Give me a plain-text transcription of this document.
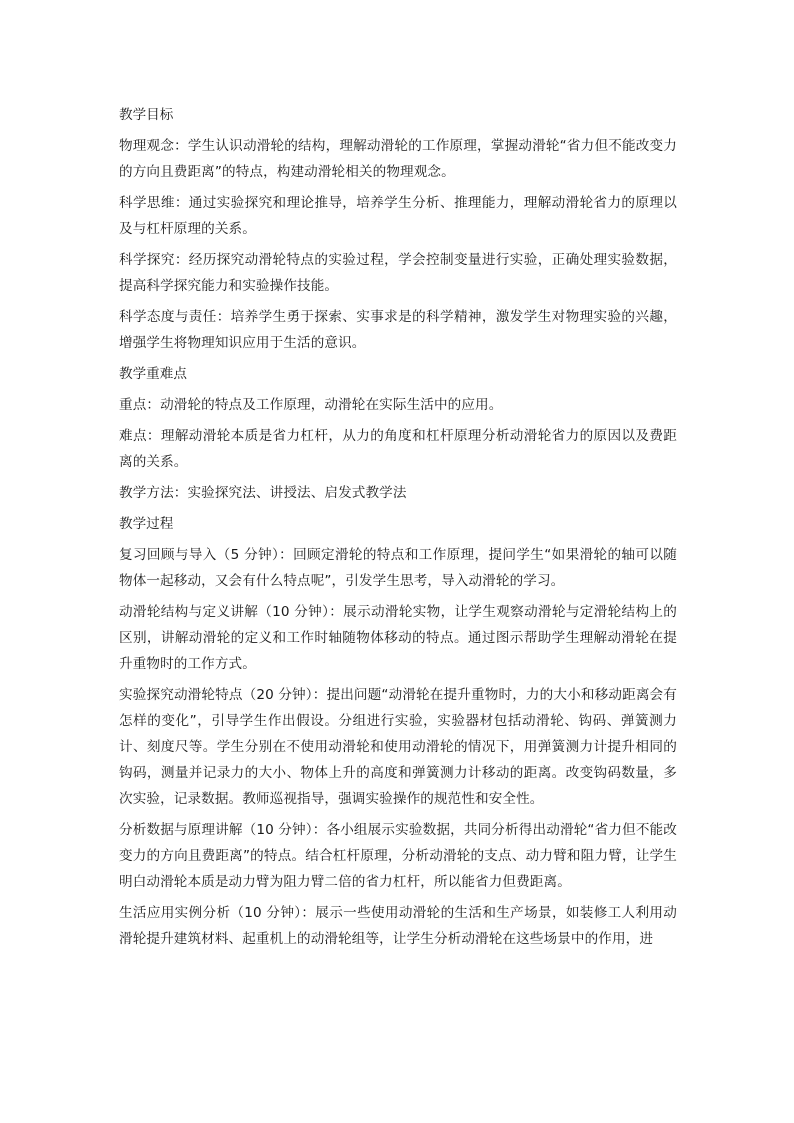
教学目标

物理观念：学生认识动滑轮的结构，理解动滑轮的工作原理，掌握动滑轮“省力但不能改变力的方向且费距离”的特点，构建动滑轮相关的物理观念。

科学思维：通过实验探究和理论推导，培养学生分析、推理能力，理解动滑轮省力的原理以及与杠杆原理的关系。

科学探究：经历探究动滑轮特点的实验过程，学会控制变量进行实验，正确处理实验数据，提高科学探究能力和实验操作技能。

科学态度与责任：培养学生勇于探索、实事求是的科学精神，激发学生对物理实验的兴趣，增强学生将物理知识应用于生活的意识。

教学重难点

重点：动滑轮的特点及工作原理，动滑轮在实际生活中的应用。

难点：理解动滑轮本质是省力杠杆，从力的角度和杠杆原理分析动滑轮省力的原因以及费距离的关系。

教学方法：实验探究法、讲授法、启发式教学法

教学过程

复习回顾与导入（5 分钟）：回顾定滑轮的特点和工作原理，提问学生“如果滑轮的轴可以随物体一起移动，又会有什么特点呢”，引发学生思考，导入动滑轮的学习。

动滑轮结构与定义讲解（10 分钟）：展示动滑轮实物，让学生观察动滑轮与定滑轮结构上的区别，讲解动滑轮的定义和工作时轴随物体移动的特点。通过图示帮助学生理解动滑轮在提升重物时的工作方式。

实验探究动滑轮特点（20 分钟）：提出问题“动滑轮在提升重物时，力的大小和移动距离会有怎样的变化”，引导学生作出假设。分组进行实验，实验器材包括动滑轮、钩码、弹簧测力计、刻度尺等。学生分别在不使用动滑轮和使用动滑轮的情况下，用弹簧测力计提升相同的钩码，测量并记录力的大小、物体上升的高度和弹簧测力计移动的距离。改变钩码数量，多次实验，记录数据。教师巡视指导，强调实验操作的规范性和安全性。

分析数据与原理讲解（10 分钟）：各小组展示实验数据，共同分析得出动滑轮“省力但不能改变力的方向且费距离”的特点。结合杠杆原理，分析动滑轮的支点、动力臂和阻力臂，让学生明白动滑轮本质是动力臂为阻力臂二倍的省力杠杆，所以能省力但费距离。

生活应用实例分析（10 分钟）：展示一些使用动滑轮的生活和生产场景，如装修工人利用动滑轮提升建筑材料、起重机上的动滑轮组等，让学生分析动滑轮在这些场景中的作用，进
